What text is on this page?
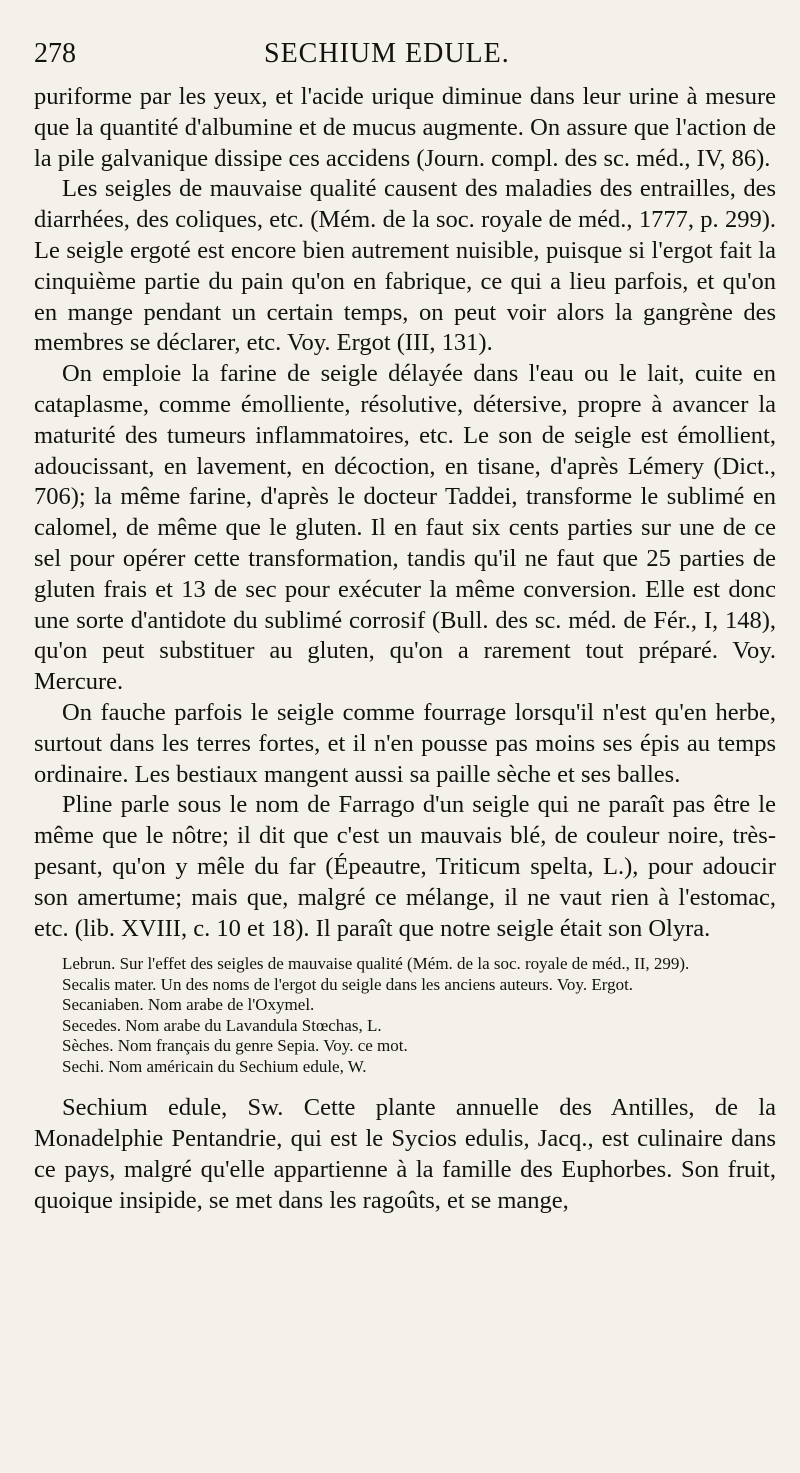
278	SECHIUM EDULE.

puriforme par les yeux, et l'acide urique diminue dans leur urine à mesure que la quantité d'albumine et de mucus augmente. On assure que l'action de la pile galvanique dissipe ces accidens (Journ. compl. des sc. méd., IV, 86).

Les seigles de mauvaise qualité causent des maladies des entrailles, des diarrhées, des coliques, etc. (Mém. de la soc. royale de méd., 1777, p. 299). Le seigle ergoté est encore bien autrement nuisible, puisque si l'ergot fait la cinquième partie du pain qu'on en fabrique, ce qui a lieu parfois, et qu'on en mange pendant un certain temps, on peut voir alors la gangrène des membres se déclarer, etc. Voy. Ergot (III, 131).

On emploie la farine de seigle délayée dans l'eau ou le lait, cuite en cataplasme, comme émolliente, résolutive, détersive, propre à avancer la maturité des tumeurs inflammatoires, etc. Le son de seigle est émollient, adoucissant, en lavement, en décoction, en tisane, d'après Lémery (Dict., 706); la même farine, d'après le docteur Taddei, transforme le sublimé en calomel, de même que le gluten. Il en faut six cents parties sur une de ce sel pour opérer cette transformation, tandis qu'il ne faut que 25 parties de gluten frais et 13 de sec pour exécuter la même conversion. Elle est donc une sorte d'antidote du sublimé corrosif (Bull. des sc. méd. de Fér., I, 148), qu'on peut substituer au gluten, qu'on a rarement tout préparé. Voy. Mercure.

On fauche parfois le seigle comme fourrage lorsqu'il n'est qu'en herbe, surtout dans les terres fortes, et il n'en pousse pas moins ses épis au temps ordinaire. Les bestiaux mangent aussi sa paille sèche et ses balles.

Pline parle sous le nom de Farrago d'un seigle qui ne paraît pas être le même que le nôtre; il dit que c'est un mauvais blé, de couleur noire, très-pesant, qu'on y mêle du far (Épeautre, Triticum spelta, L.), pour adoucir son amertume; mais que, malgré ce mélange, il ne vaut rien à l'estomac, etc. (lib. XVIII, c. 10 et 18). Il paraît que notre seigle était son Olyra.

Lebrun. Sur l'effet des seigles de mauvaise qualité (Mém. de la soc. royale de méd., II, 299).

Secalis mater. Un des noms de l'ergot du seigle dans les anciens auteurs. Voy. Ergot.

Secaniaben. Nom arabe de l'Oxymel.

Secedes. Nom arabe du Lavandula Stœchas, L.

Sèches. Nom français du genre Sepia. Voy. ce mot.

Sechi. Nom américain du Sechium edule, W.

Sechium edule, Sw. Cette plante annuelle des Antilles, de la Monadelphie Pentandrie, qui est le Sycios edulis, Jacq., est culinaire dans ce pays, malgré qu'elle appartienne à la famille des Euphorbes. Son fruit, quoique insipide, se met dans les ragoûts, et se mange,
